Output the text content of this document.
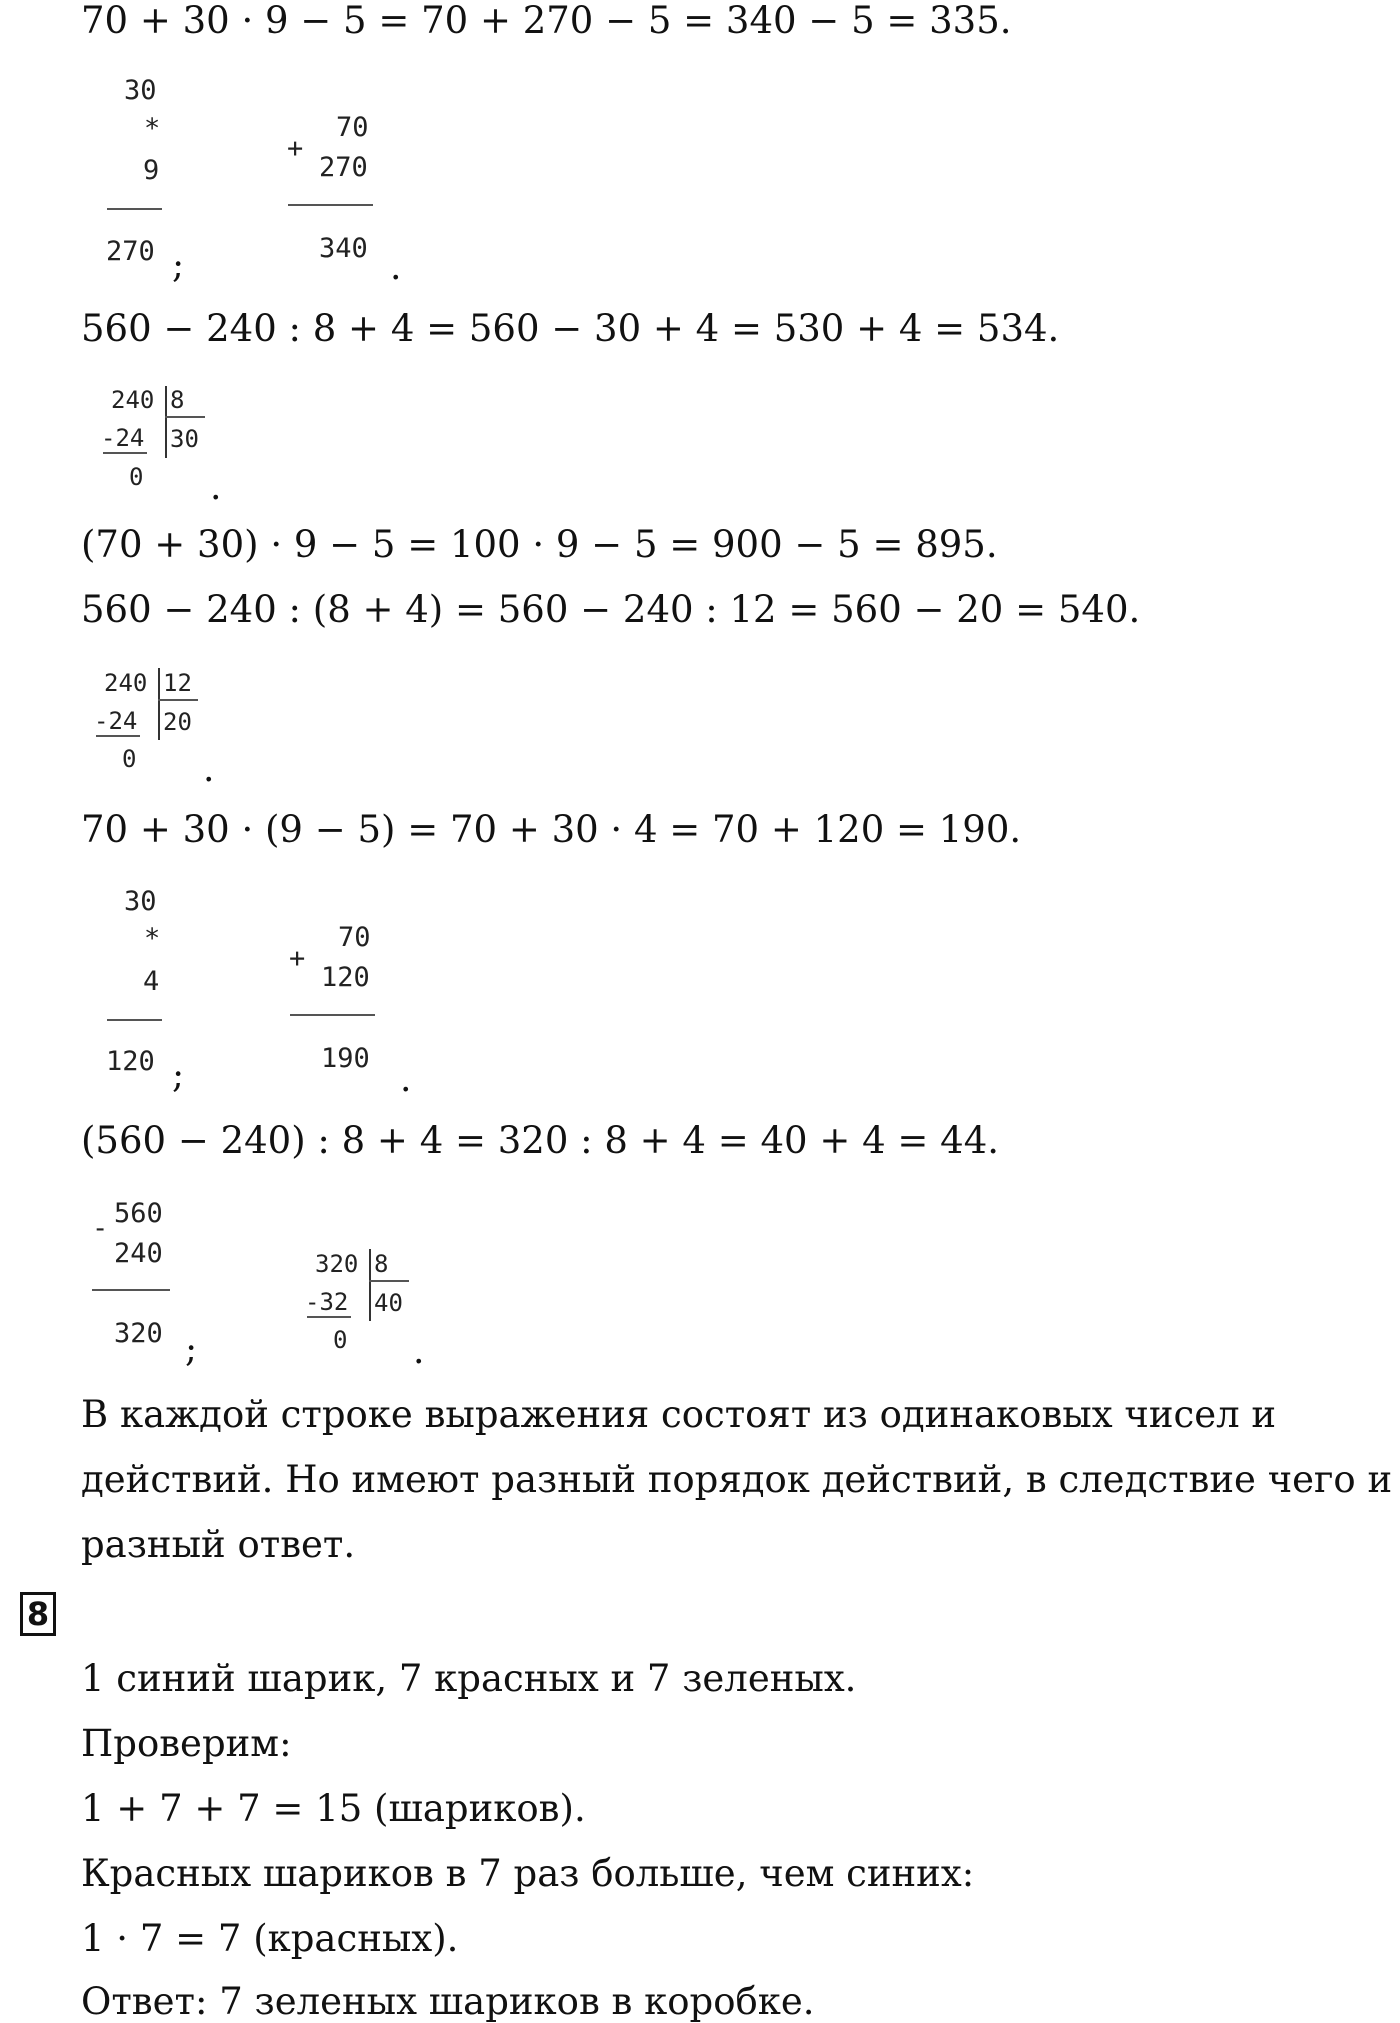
70 + 30 · 9 − 5 = 70 + 270 − 5 = 340 − 5 = 335.
30
*
9
270 ;
+
70
270
340 .
560 − 240 : 8 + 4 = 560 − 30 + 4 = 530 + 4 = 534.
240 8
-24 30
0 .
(70 + 30) · 9 − 5 = 100 · 9 − 5 = 900 − 5 = 895.
560 − 240 : (8 + 4) = 560 − 240 : 12 = 560 − 20 = 540.
240 12
-24 20
0 .
70 + 30 · (9 − 5) = 70 + 30 · 4 = 70 + 120 = 190.
30
*
4
120 ;
+
70
120
190
.
(560 − 240) : 8 + 4 = 320 : 8 + 4 = 40 + 4 = 44.
- 560
240
320 ;
320 8
-32 40
0 .
В каждой строке выражения состоят из одинаковых чисел и
действий. Но имеют разный порядок действий, в следствие чего и
разный ответ.
8
1 синий шарик, 7 красных и 7 зеленых.
Проверим:
1 + 7 + 7 = 15 (шариков).
Красных шариков в 7 раз больше, чем синих:
1 · 7 = 7 (красных).
Ответ: 7 зеленых шариков в коробке.
